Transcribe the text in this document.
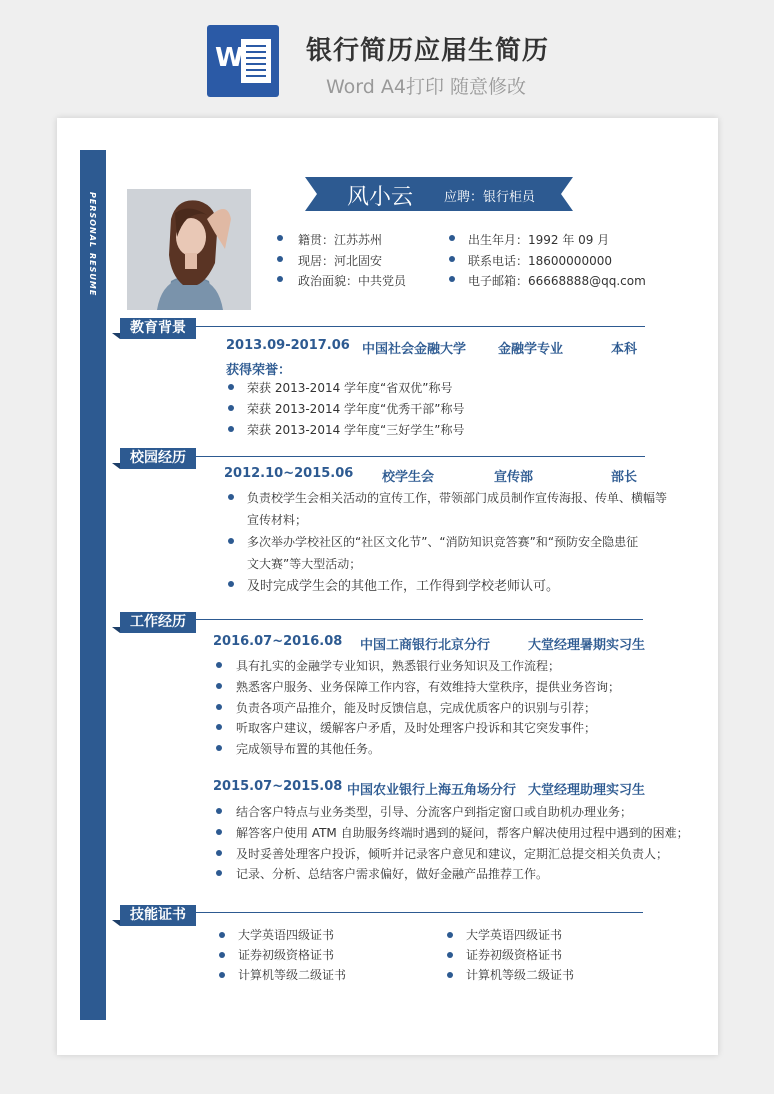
W 银行简历应届生简历
Word A4打印 随意修改
PERSONAL
RESUME
风小云 应聘：银行柜员
籍贯：江苏苏州
现居：河北固安
政治面貌：中共党员
出生年月：1992 年 09 月
联系电话：18600000000
电子邮箱：66668888@qq.com
教育背景
2013.09-2017.06 中国社会金融大学 金融学专业	本科
获得荣誉：
荣获 2013-2014 学年度“省双优”称号
荣获 2013-2014 学年度“优秀干部”称号
荣获 2013-2014 学年度“三好学生”称号
校园经历
2012.10~2015.06 校学生会	宣传部	部长
负责校学生会相关活动的宣传工作，带领部门成员制作宣传海报、传单、横幅等
宣传材料；
多次举办学校社区的“社区文化节”、“消防知识竞答赛”和“预防安全隐患征
文大赛”等大型活动；
及时完成学生会的其他工作，工作得到学校老师认可。
工作经历
2016.07~2016.08 中国工商银行北京分行	大堂经理暑期实习生
具有扎实的金融学专业知识，熟悉银行业务知识及工作流程；
熟悉客户服务、业务保障工作内容，有效维持大堂秩序，提供业务咨询；
负责各项产品推介，能及时反馈信息，完成优质客户的识别与引荐；
听取客户建议，缓解客户矛盾，及时处理客户投诉和其它突发事件；
完成领导布置的其他任务。
2015.07~2015.08 中国农业银行上海五角场分行 大堂经理助理实习生
结合客户特点与业务类型，引导、分流客户到指定窗口或自助机办理业务；
解答客户使用 ATM 自助服务终端时遇到的疑问，帮客户解决使用过程中遇到的困难；
及时妥善处理客户投诉，倾听并记录客户意见和建议，定期汇总提交相关负责人；
记录、分析、总结客户需求偏好，做好金融产品推荐工作。
技能证书
大学英语四级证书
证券初级资格证书
计算机等级二级证书
大学英语四级证书
证券初级资格证书
计算机等级二级证书
